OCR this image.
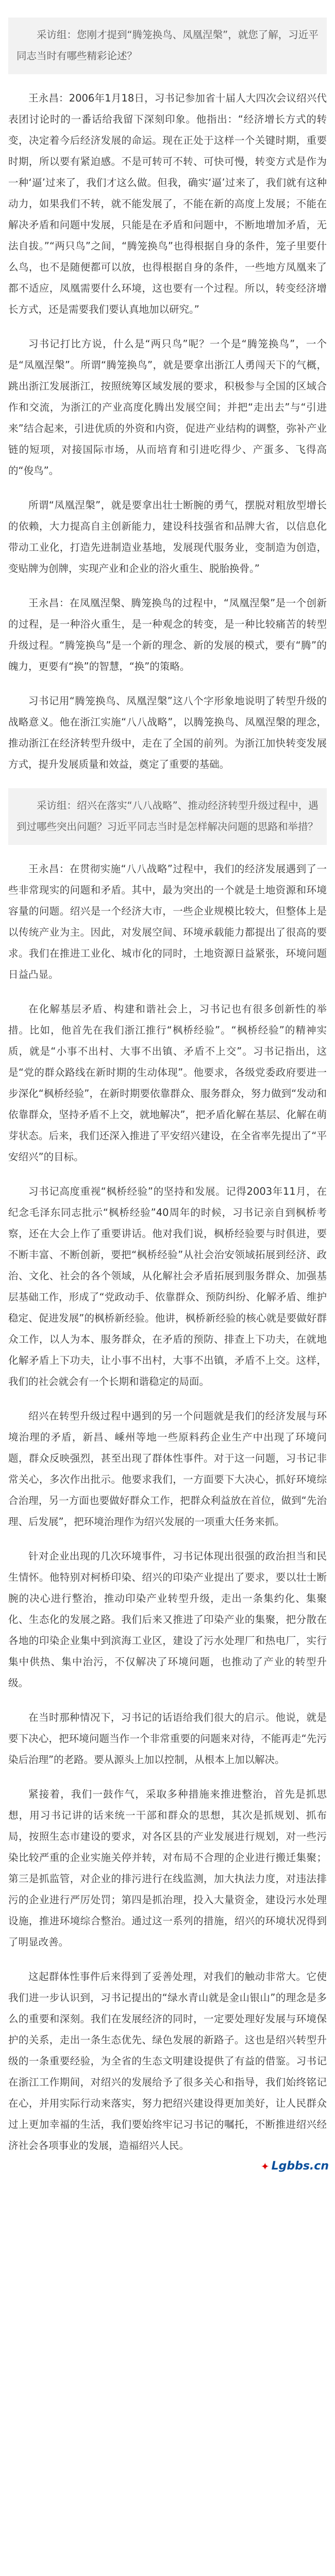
采访组：您刚才提到“腾笼换鸟、凤凰涅槃”，就您了解，习近平同志当时有哪些精彩论述？

王永昌：2006年1月18日，习书记参加省十届人大四次会议绍兴代表团讨论时的一番话给我留下深刻印象。他指出：“经济增长方式的转变，决定着今后经济发展的命运。现在正处于这样一个关键时期，重要时期，所以要有紧迫感。不是可转可不转、可快可慢，转变方式是作为一种‘逼’过来了，我们才这么做。但我，确实‘逼’过来了，我们就有这种动力，如果我们不转，就不能发展了，不能在新的高度上发展；不能在解决矛盾和问题中发展，只能是在矛盾和问题中，不断地增加矛盾，无法自拔。”“两只鸟”之间，“腾笼换鸟”也得根据自身的条件，笼子里要什么鸟，也不是随便都可以放，也得根据自身的条件，一些地方凤凰来了都不适应，凤凰需要什么环境，这也要有一个过程。所以，转变经济增长方式，还是需要我们要认真地加以研究。”

习书记打比方说，什么是“两只鸟”呢？一个是“腾笼换鸟”，一个是“凤凰涅槃”。所谓“腾笼换鸟”，就是要拿出浙江人勇闯天下的气概，跳出浙江发展浙江，按照统筹区域发展的要求，积极参与全国的区域合作和交流，为浙江的产业高度化腾出发展空间；并把“走出去”与“引进来”结合起来，引进优质的外资和内资，促进产业结构的调整，弥补产业链的短项，对接国际市场，从而培育和引进吃得少、产蛋多、飞得高的“俊鸟”。

所谓“凤凰涅槃”，就是要拿出壮士断腕的勇气，摆脱对粗放型增长的依赖，大力提高自主创新能力，建设科技强省和品牌大省，以信息化带动工业化，打造先进制造业基地，发展现代服务业，变制造为创造，变贴牌为创牌，实现产业和企业的浴火重生、脱胎换骨。”

王永昌：在凤凰涅槃、腾笼换鸟的过程中，“凤凰涅槃”是一个创新的过程，是一种浴火重生，是一种观念的转变，是一种比较痛苦的转型升级过程。“腾笼换鸟”是一个新的理念、新的发展的模式，要有“腾”的魄力，更要有“换”的智慧，“换”的策略。

习书记用“腾笼换鸟、凤凰涅槃”这八个字形象地说明了转型升级的战略意义。他在浙江实施“八八战略”，以腾笼换鸟、凤凰涅槃的理念，推动浙江在经济转型升级中，走在了全国的前列。为浙江加快转变发展方式，提升发展质量和效益，奠定了重要的基础。

采访组：绍兴在落实“八八战略”、推动经济转型升级过程中，遇到过哪些突出问题？习近平同志当时是怎样解决问题的思路和举措？

王永昌：在贯彻实施“八八战略”过程中，我们的经济发展遇到了一些非常现实的问题和矛盾。其中，最为突出的一个就是土地资源和环境容量的问题。绍兴是一个经济大市，一些企业规模比较大，但整体上是以传统产业为主。因此，对发展空间、环境承载能力都提出了很高的要求。我们在推进工业化、城市化的同时，土地资源日益紧张，环境问题日益凸显。

在化解基层矛盾、构建和谐社会上，习书记也有很多创新性的举措。比如，他首先在我们浙江推行“枫桥经验”。“枫桥经验”的精神实质，就是“小事不出村、大事不出镇、矛盾不上交”。习书记指出，这是“党的群众路线在新时期的生动体现”。他要求，各级党委政府要进一步深化“枫桥经验”，在新时期要依靠群众、服务群众，努力做到“发动和依靠群众，坚持矛盾不上交，就地解决”，把矛盾化解在基层、化解在萌芽状态。后来，我们还深入推进了平安绍兴建设，在全省率先提出了“平安绍兴”的目标。

习书记高度重视“枫桥经验”的坚持和发展。记得2003年11月，在纪念毛泽东同志批示“枫桥经验”40周年的时候，习书记亲自到枫桥考察，还在大会上作了重要讲话。他对我们说，枫桥经验要与时俱进，要不断丰富、不断创新，要把“枫桥经验”从社会治安领域拓展到经济、政治、文化、社会的各个领域，从化解社会矛盾拓展到服务群众、加强基层基础工作，形成了“党政动手、依靠群众、预防纠纷、化解矛盾、维护稳定、促进发展”的枫桥新经验。他讲，枫桥新经验的核心就是要做好群众工作，以人为本、服务群众，在矛盾的预防、排查上下功夫，在就地化解矛盾上下功夫，让小事不出村，大事不出镇，矛盾不上交。这样，我们的社会就会有一个长期和谐稳定的局面。

绍兴在转型升级过程中遇到的另一个问题就是我们的经济发展与环境治理的矛盾，新昌、嵊州等地一些原料药企业生产中出现了环境问题，群众反映强烈，甚至出现了群体性事件。对于这一问题，习书记非常关心，多次作出批示。他要求我们，一方面要下大决心，抓好环境综合治理，另一方面也要做好群众工作，把群众利益放在首位，做到“先治理、后发展”，把环境治理作为绍兴发展的一项重大任务来抓。

针对企业出现的几次环境事件，习书记体现出很强的政治担当和民生情怀。他特别对柯桥印染、绍兴的印染产业提出了要求，要以壮士断腕的决心进行整治，推动印染产业转型升级，走出一条集约化、集聚化、生态化的发展之路。我们后来又推进了印染产业的集聚，把分散在各地的印染企业集中到滨海工业区，建设了污水处理厂和热电厂，实行集中供热、集中治污，不仅解决了环境问题，也推动了产业的转型升级。

在当时那种情况下，习书记的话语给我们很大的启示。他说，就是要下决心，把环境问题当作一个非常重要的问题来对待，不能再走“先污染后治理”的老路。要从源头上加以控制，从根本上加以解决。

紧接着，我们一鼓作气，采取多种措施来推进整治，首先是抓思想，用习书记讲的话来统一干部和群众的思想，其次是抓规划、抓布局，按照生态市建设的要求，对各区县的产业发展进行规划，对一些污染比较严重的企业实施关停并转，对布局不合理的企业进行搬迁集聚；第三是抓监管，对企业的排污进行在线监测，加大执法力度，对违法排污的企业进行严厉处罚；第四是抓治理，投入大量资金，建设污水处理设施，推进环境综合整治。通过这一系列的措施，绍兴的环境状况得到了明显改善。

这起群体性事件后来得到了妥善处理，对我们的触动非常大。它使我们进一步认识到，习书记提出的“绿水青山就是金山银山”的理念是多么的重要和深刻。我们在发展经济的同时，一定要处理好发展与环境保护的关系，走出一条生态优先、绿色发展的新路子。这也是绍兴转型升级的一条重要经验，为全省的生态文明建设提供了有益的借鉴。习书记在浙江工作期间，对绍兴的发展给予了很多关心和指导，我们始终铭记在心，并用实际行动来落实，努力把绍兴建设得更加美好，让人民群众过上更加幸福的生活，我们要始终牢记习书记的嘱托，不断推进绍兴经济社会各项事业的发展，造福绍兴人民。

✦ Lgbbs.cn
